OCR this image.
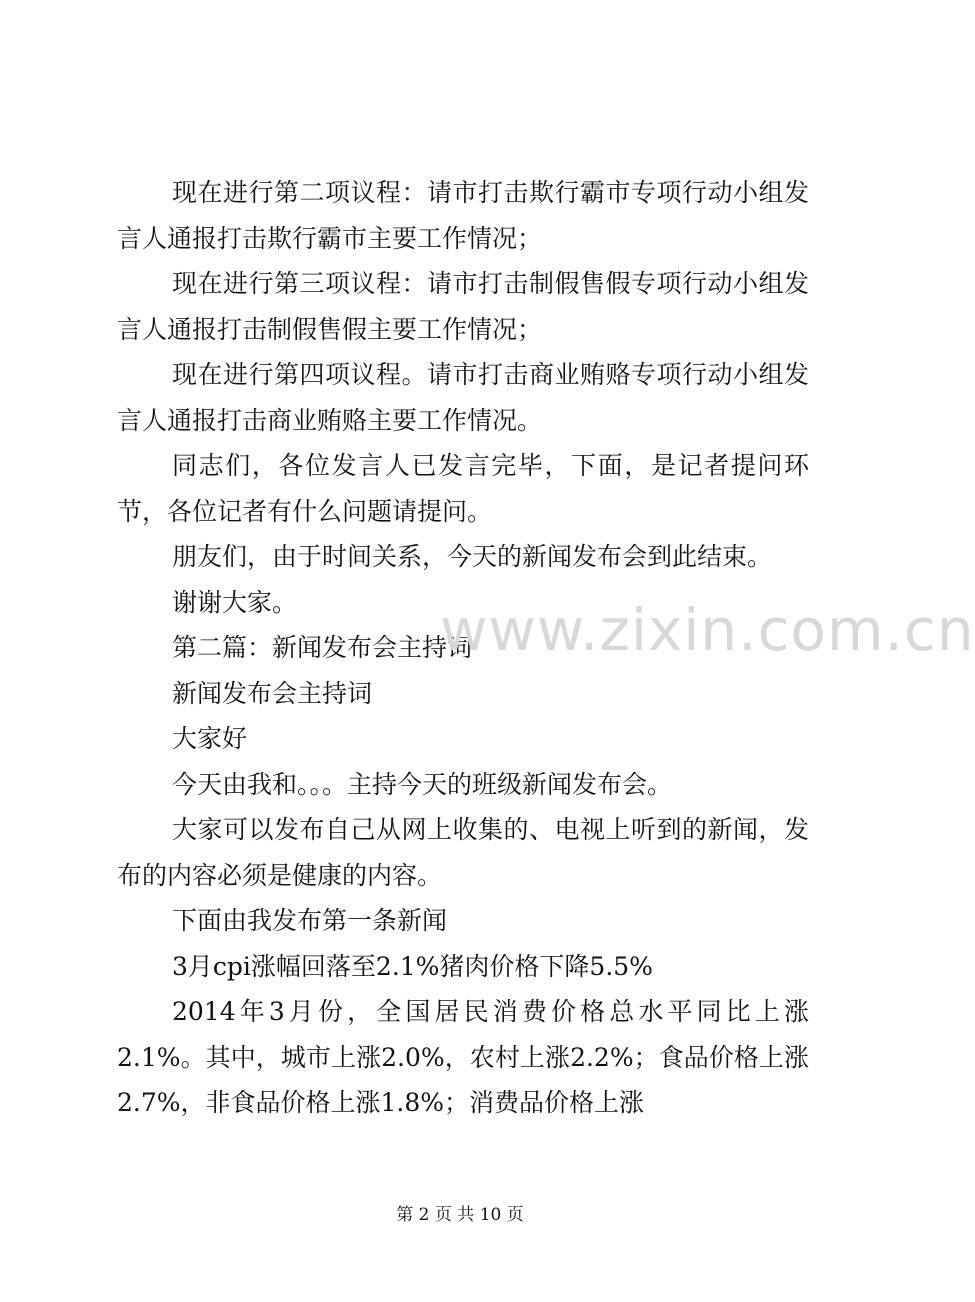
现在进行第二项议程：请市打击欺行霸市专项行动小组发言人通报打击欺行霸市主要工作情况；

现在进行第三项议程：请市打击制假售假专项行动小组发言人通报打击制假售假主要工作情况；

现在进行第四项议程。请市打击商业贿赂专项行动小组发言人通报打击商业贿赂主要工作情况。

同志们，各位发言人已发言完毕，下面，是记者提问环节，各位记者有什么问题请提问。

朋友们，由于时间关系，今天的新闻发布会到此结束。

谢谢大家。

第二篇：新闻发布会主持词

新闻发布会主持词

大家好

今天由我和。。。主持今天的班级新闻发布会。

大家可以发布自己从网上收集的、电视上听到的新闻，发布的内容必须是健康的内容。

下面由我发布第一条新闻

3月cpi涨幅回落至2.1%猪肉价格下降5.5%

2014年3月份，全国居民消费价格总水平同比上涨2.1%。其中，城市上涨2.0%，农村上涨2.2%；食品价格上涨2.7%，非食品价格上涨1.8%；消费品价格上涨

www.zixin.com.cn
第 2 页 共 10 页
